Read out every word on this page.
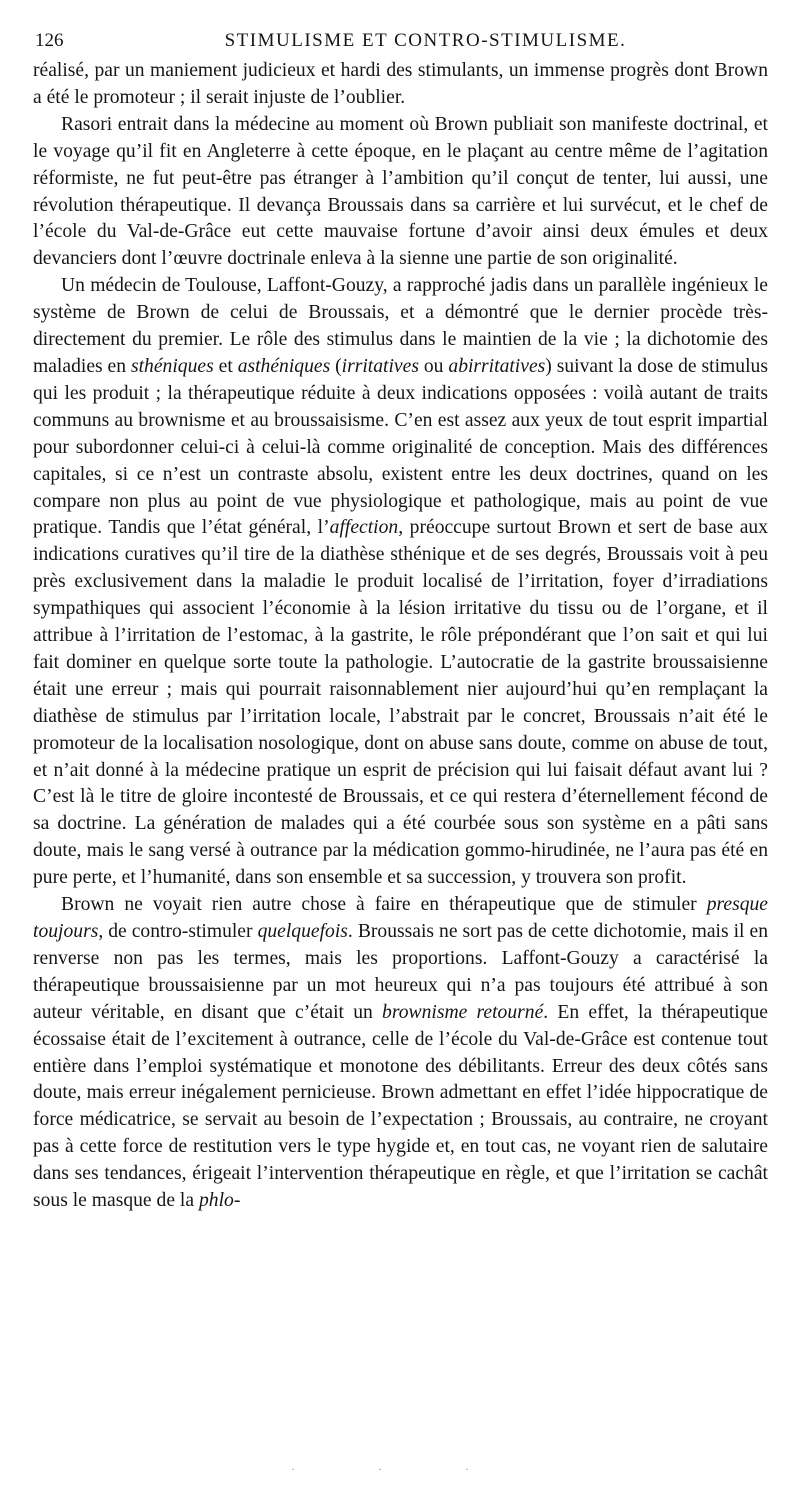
126	STIMULISME ET CONTRO-STIMULISME.

réalisé, par un maniement judicieux et hardi des stimulants, un immense progrès dont Brown a été le promoteur ; il serait injuste de l’oublier.

Rasori entrait dans la médecine au moment où Brown publiait son manifeste doctrinal, et le voyage qu’il fit en Angleterre à cette époque, en le plaçant au centre même de l’agitation réformiste, ne fut peut-être pas étranger à l’ambition qu’il conçut de tenter, lui aussi, une révolution thérapeutique. Il devança Broussais dans sa carrière et lui survécut, et le chef de l’école du Val-de-Grâce eut cette mauvaise fortune d’avoir ainsi deux émules et deux devanciers dont l’œuvre doctrinale enleva à la sienne une partie de son originalité.

Un médecin de Toulouse, Laffont-Gouzy, a rapproché jadis dans un parallèle ingénieux le système de Brown de celui de Broussais, et a démontré que le dernier procède très-directement du premier. Le rôle des stimulus dans le maintien de la vie ; la dichotomie des maladies en sthéniques et asthéniques (irritatives ou abirritatives) suivant la dose de stimulus qui les produit ; la thérapeutique réduite à deux indications opposées : voilà autant de traits communs au brownisme et au broussaisisme. C’en est assez aux yeux de tout esprit impartial pour subordonner celui-ci à celui-là comme originalité de conception. Mais des différences capitales, si ce n’est un contraste absolu, existent entre les deux doctrines, quand on les compare non plus au point de vue physiologique et pathologique, mais au point de vue pratique. Tandis que l’état général, l’affection, préoccupe surtout Brown et sert de base aux indications curatives qu’il tire de la diathèse sthénique et de ses degrés, Broussais voit à peu près exclusivement dans la maladie le produit localisé de l’irritation, foyer d’irradiations sympathiques qui associent l’économie à la lésion irritative du tissu ou de l’organe, et il attribue à l’irritation de l’estomac, à la gastrite, le rôle prépondérant que l’on sait et qui lui fait dominer en quelque sorte toute la pathologie. L’autocratie de la gastrite broussaisienne était une erreur ; mais qui pourrait raisonnablement nier aujourd’hui qu’en remplaçant la diathèse de stimulus par l’irritation locale, l’abstrait par le concret, Broussais n’ait été le promoteur de la localisation nosologique, dont on abuse sans doute, comme on abuse de tout, et n’ait donné à la médecine pratique un esprit de précision qui lui faisait défaut avant lui ? C’est là le titre de gloire incontesté de Broussais, et ce qui restera d’éternellement fécond de sa doctrine. La génération de malades qui a été courbée sous son système en a pâti sans doute, mais le sang versé à outrance par la médication gommo-hirudinée, ne l’aura pas été en pure perte, et l’humanité, dans son ensemble et sa succession, y trouvera son profit.

Brown ne voyait rien autre chose à faire en thérapeutique que de stimuler presque toujours, de contro-stimuler quelquefois. Broussais ne sort pas de cette dichotomie, mais il en renverse non pas les termes, mais les proportions. Laffont-Gouzy a caractérisé la thérapeutique broussaisienne par un mot heureux qui n’a pas toujours été attribué à son auteur véritable, en disant que c’était un brownisme retourné. En effet, la thérapeutique écossaise était de l’excitement à outrance, celle de l’école du Val-de-Grâce est contenue tout entière dans l’emploi systématique et monotone des débilitants. Erreur des deux côtés sans doute, mais erreur inégalement pernicieuse. Brown admettant en effet l’idée hippocratique de force médicatrice, se servait au besoin de l’expectation ; Broussais, au contraire, ne croyant pas à cette force de restitution vers le type hygide et, en tout cas, ne voyant rien de salutaire dans ses tendances, érigeait l’intervention thérapeutique en règle, et que l’irritation se cachât sous le masque de la phlo-

· · ·
